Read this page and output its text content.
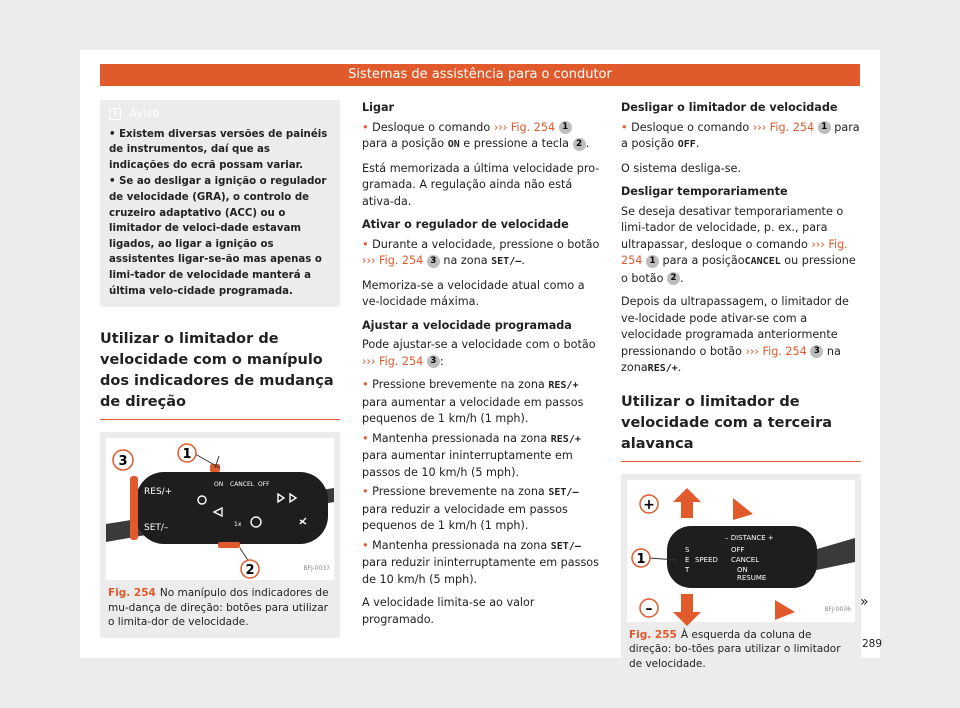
Sistemas de assistência para o condutor
i	Aviso
• Existem diversas versões de painéis de instrumentos, daí que as indicações do ecrã possam variar.
• Se ao desligar a ignição o regulador de velocidade (GRA), o controlo de cruzeiro adaptativo (ACC) ou o limitador de veloci-dade estavam ligados, ao ligar a ignição os assistentes ligar-se-ão mas apenas o limi-tador de velocidade manterá a última velo-cidade programada.
Utilizar o limitador de velocidade com o manípulo dos indicadores de mudança de direção
RES/+
SET/–
ON CANCEL OFF
1x
1
3
2	BFJ-0037
Fig. 254 No manípulo dos indicadores de mu-dança de direção: botões para utilizar o limita-dor de velocidade.

Ligar

• Desloque o comando ››› Fig. 254 1 para a posição ON e pressione a tecla 2 .

Está memorizada a última velocidade pro-gramada. A regulação ainda não está ativa-da.

Ativar o regulador de velocidade

• Durante a velocidade, pressione o botão ››› Fig. 254 3 na zona SET/–.

Memoriza-se a velocidade atual como a ve-locidade máxima.

Ajustar a velocidade programada

Pode ajustar-se a velocidade com o botão ››› Fig. 254 3 :

• Pressione brevemente na zona RES/+ para aumentar a velocidade em passos pequenos de 1 km/h (1 mph).

• Mantenha pressionada na zona RES/+ para aumentar ininterruptamente em passos de 10 km/h (5 mph).

• Pressione brevemente na zona SET/– para reduzir a velocidade em passos pequenos de 1 km/h (1 mph).

• Mantenha pressionada na zona SET/– para reduzir ininterruptamente em passos de 10 km/h (5 mph).

A velocidade limita-se ao valor programado.

Desligar o limitador de velocidade

• Desloque o comando ››› Fig. 254 1 para a posição OFF.

O sistema desliga-se.

Desligar temporariamente

Se deseja desativar temporariamente o limi-tador de velocidade, p. ex., para ultrapassar, desloque o comando ››› Fig. 254 1 para a posiçãoCANCEL ou pressione o botão 2 .

Depois da ultrapassagem, o limitador de ve-locidade pode ativar-se com a velocidade programada anteriormente pressionando o botão ››› Fig. 254 3 na zonaRES/+.

Utilizar o limitador de velocidade com a terceira alavanca
– DISTANCE +
S
E
T
SPEED
OFF
CANCEL
ON
RESUME
+
1
–	BFJ-0036
Fig. 255 À esquerda da coluna de direção: bo-tões para utilizar o limitador de velocidade.
»
289
